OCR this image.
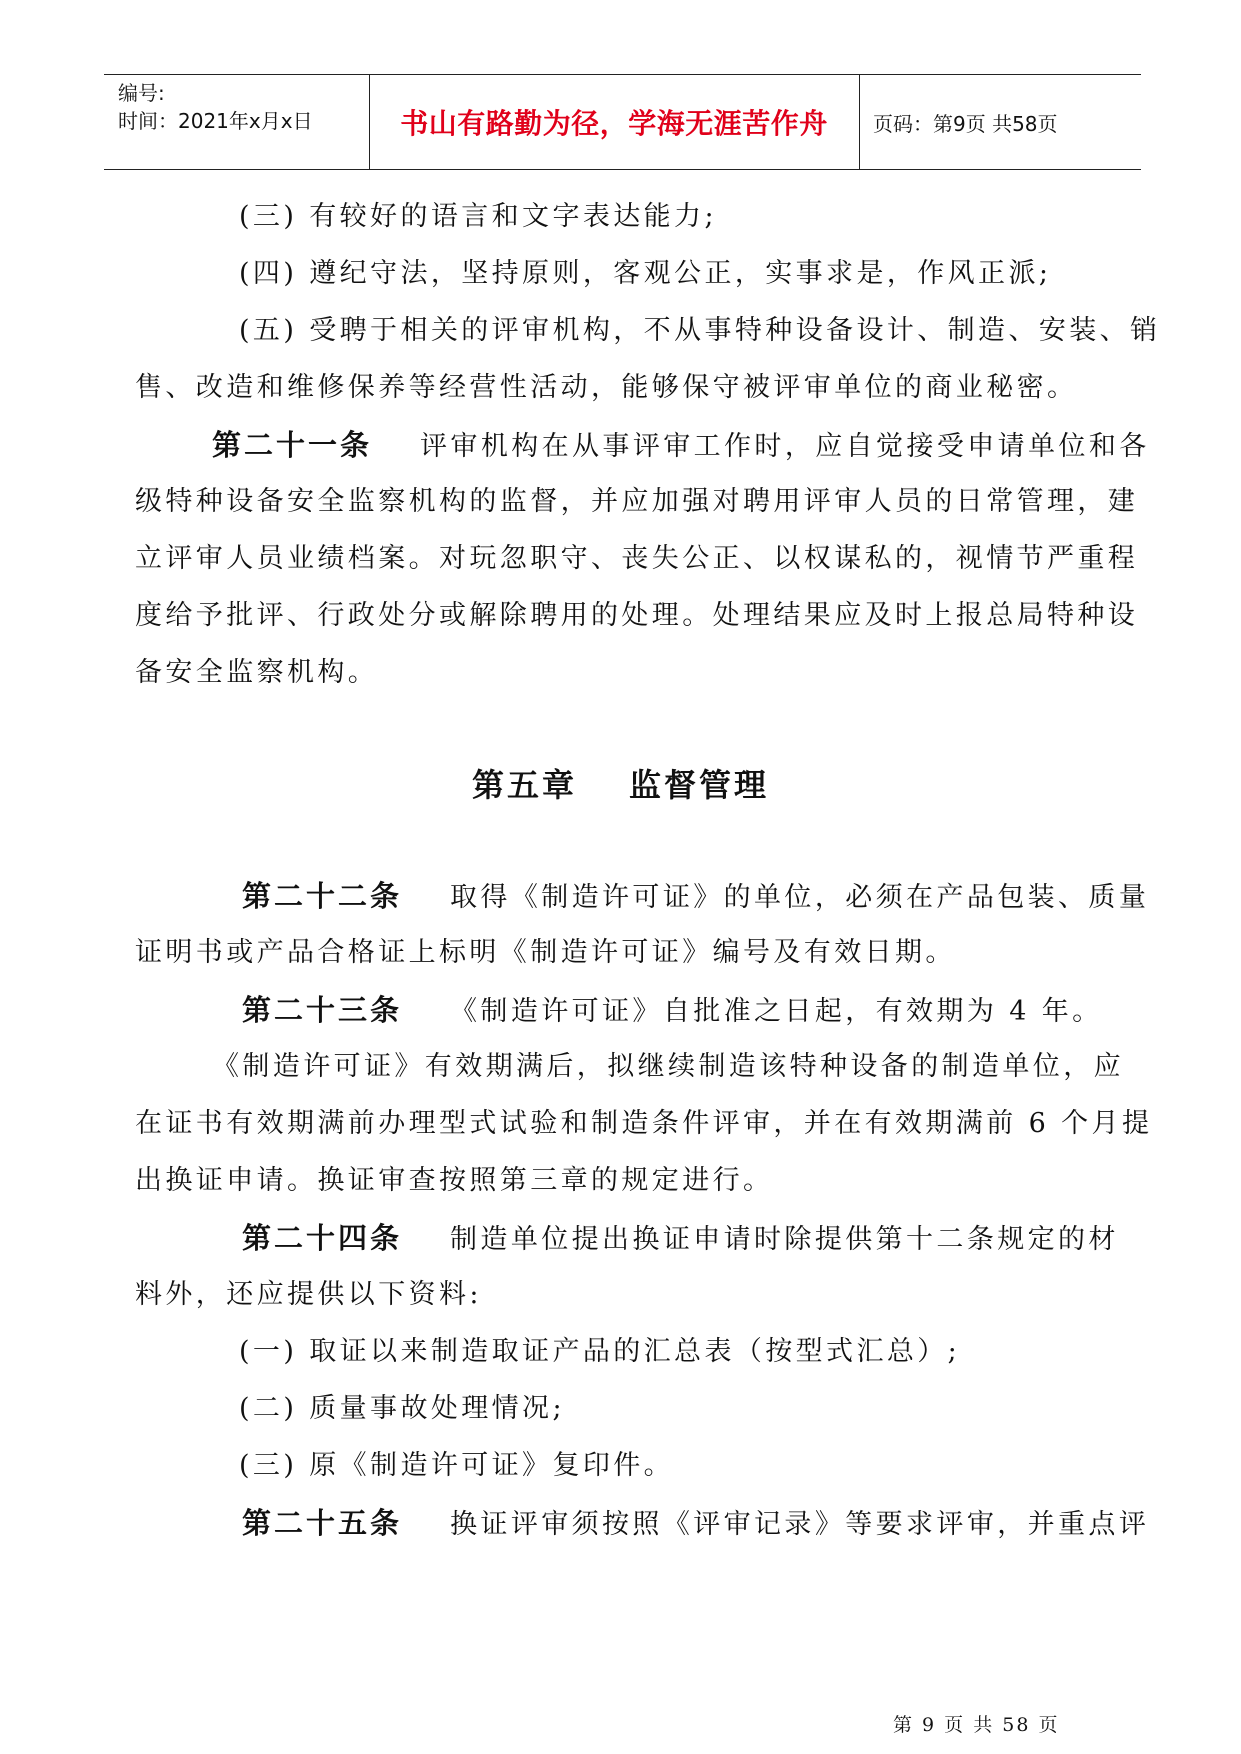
编号:
时间：2021年x月x日	书山有路勤为径，学海无涯苦作舟 页码：第9页 共58页
(三) 有较好的语言和文字表达能力;
(四) 遵纪守法，坚持原则，客观公正，实事求是，作风正派;
(五) 受聘于相关的评审机构，不从事特种设备设计、制造、安装、销
售、改造和维修保养等经营性活动，能够保守被评审单位的商业秘密。
第二十一条 评审机构在从事评审工作时，应自觉接受申请单位和各
级特种设备安全监察机构的监督，并应加强对聘用评审人员的日常管理，建
立评审人员业绩档案。对玩忽职守、丧失公正、以权谋私的，视情节严重程
度给予批评、行政处分或解除聘用的处理。处理结果应及时上报总局特种设
备安全监察机构。
第五章 监督管理
第二十二条 取得《制造许可证》的单位，必须在产品包装、质量
证明书或产品合格证上标明《制造许可证》编号及有效日期。
第二十三条 《制造许可证》自批准之日起，有效期为 4 年。
《制造许可证》有效期满后，拟继续制造该特种设备的制造单位，应
在证书有效期满前办理型式试验和制造条件评审，并在有效期满前 6 个月提
出换证申请。换证审查按照第三章的规定进行。
第二十四条 制造单位提出换证申请时除提供第十二条规定的材
料外，还应提供以下资料:
(一) 取证以来制造取证产品的汇总表（按型式汇总）;
(二) 质量事故处理情况;
(三) 原《制造许可证》复印件。
第二十五条 换证评审须按照《评审记录》等要求评审，并重点评
第 9 页 共 58 页
